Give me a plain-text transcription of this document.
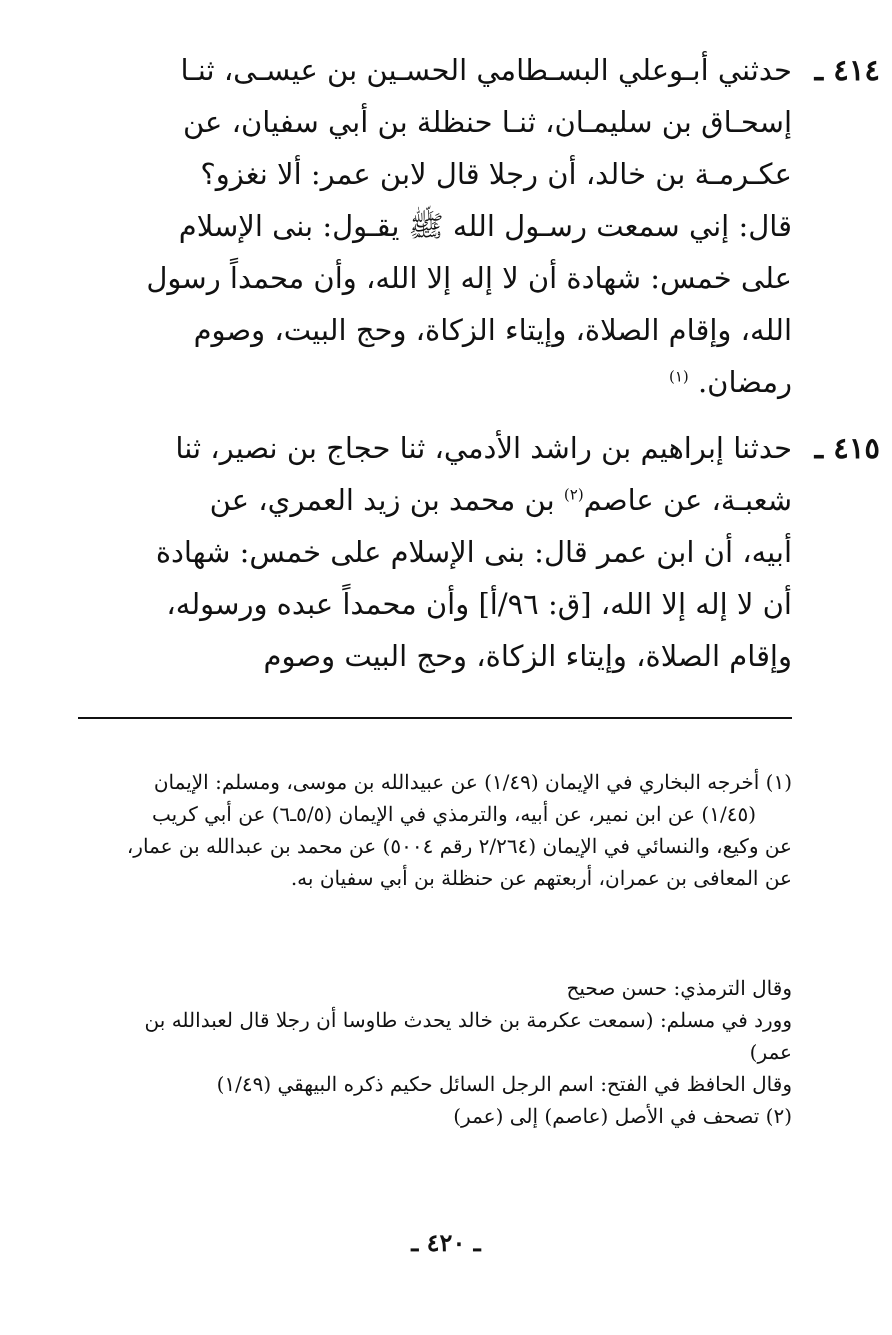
٤١٤ ـ
حدثني أبـوعلي البسـطامي الحسـين بن عيسـى، ثنـا
إسحـاق بن سليمـان، ثنـا حنظلة بن أبي سفيان، عن
عكـرمـة بن خالد، أن رجلا قال لابن عمر: ألا نغزو؟
قال: إني سمعت رسـول الله ﷺ يقـول: بنى الإسلام
على خمس: شهادة أن لا إله إلا الله، وأن محمداً رسول
الله، وإقام الصلاة، وإيتاء الزكاة، وحج البيت، وصوم
رمضان. $^{(١)}$
٤١٥ ـ
حدثنا إبراهيم بن راشد الأدمي، ثنا حجاج بن نصير، ثنا
شعبـة، عن عاصم$^{(٢)}$ بن محمد بن زيد العمري، عن
أبيه، أن ابن عمر قال: بنى الإسلام على خمس: شهادة
أن لا إله إلا الله، [ق: ٩٦/أ] وأن محمداً عبده ورسوله،
وإقام الصلاة، وإيتاء الزكاة، وحج البيت وصوم
(١) أخرجه البخاري في الإيمان (١/٤٩) عن عبيدالله بن موسى، ومسلم: الإيمان
(١/٤٥) عن ابن نمير، عن أبيه، والترمذي في الإيمان (٥/٥ـ٦) عن أبي كريب
عن وكيع، والنسائي في الإيمان (٢/٢٦٤ رقم ٥٠٠٤) عن محمد بن عبدالله بن عمار،
عن المعافى بن عمران، أربعتهم عن حنظلة بن أبي سفيان به.
وقال الترمذي: حسن صحيح
وورد في مسلم: (سمعت عكرمة بن خالد يحدث طاوسا أن رجلا قال لعبدالله بن
عمر)
وقال الحافظ في الفتح: اسم الرجل السائل حكيم ذكره البيهقي (١/٤٩)
(٢) تصحف في الأصل (عاصم) إلى (عمر)
ـ ٤٢٠ ـ
